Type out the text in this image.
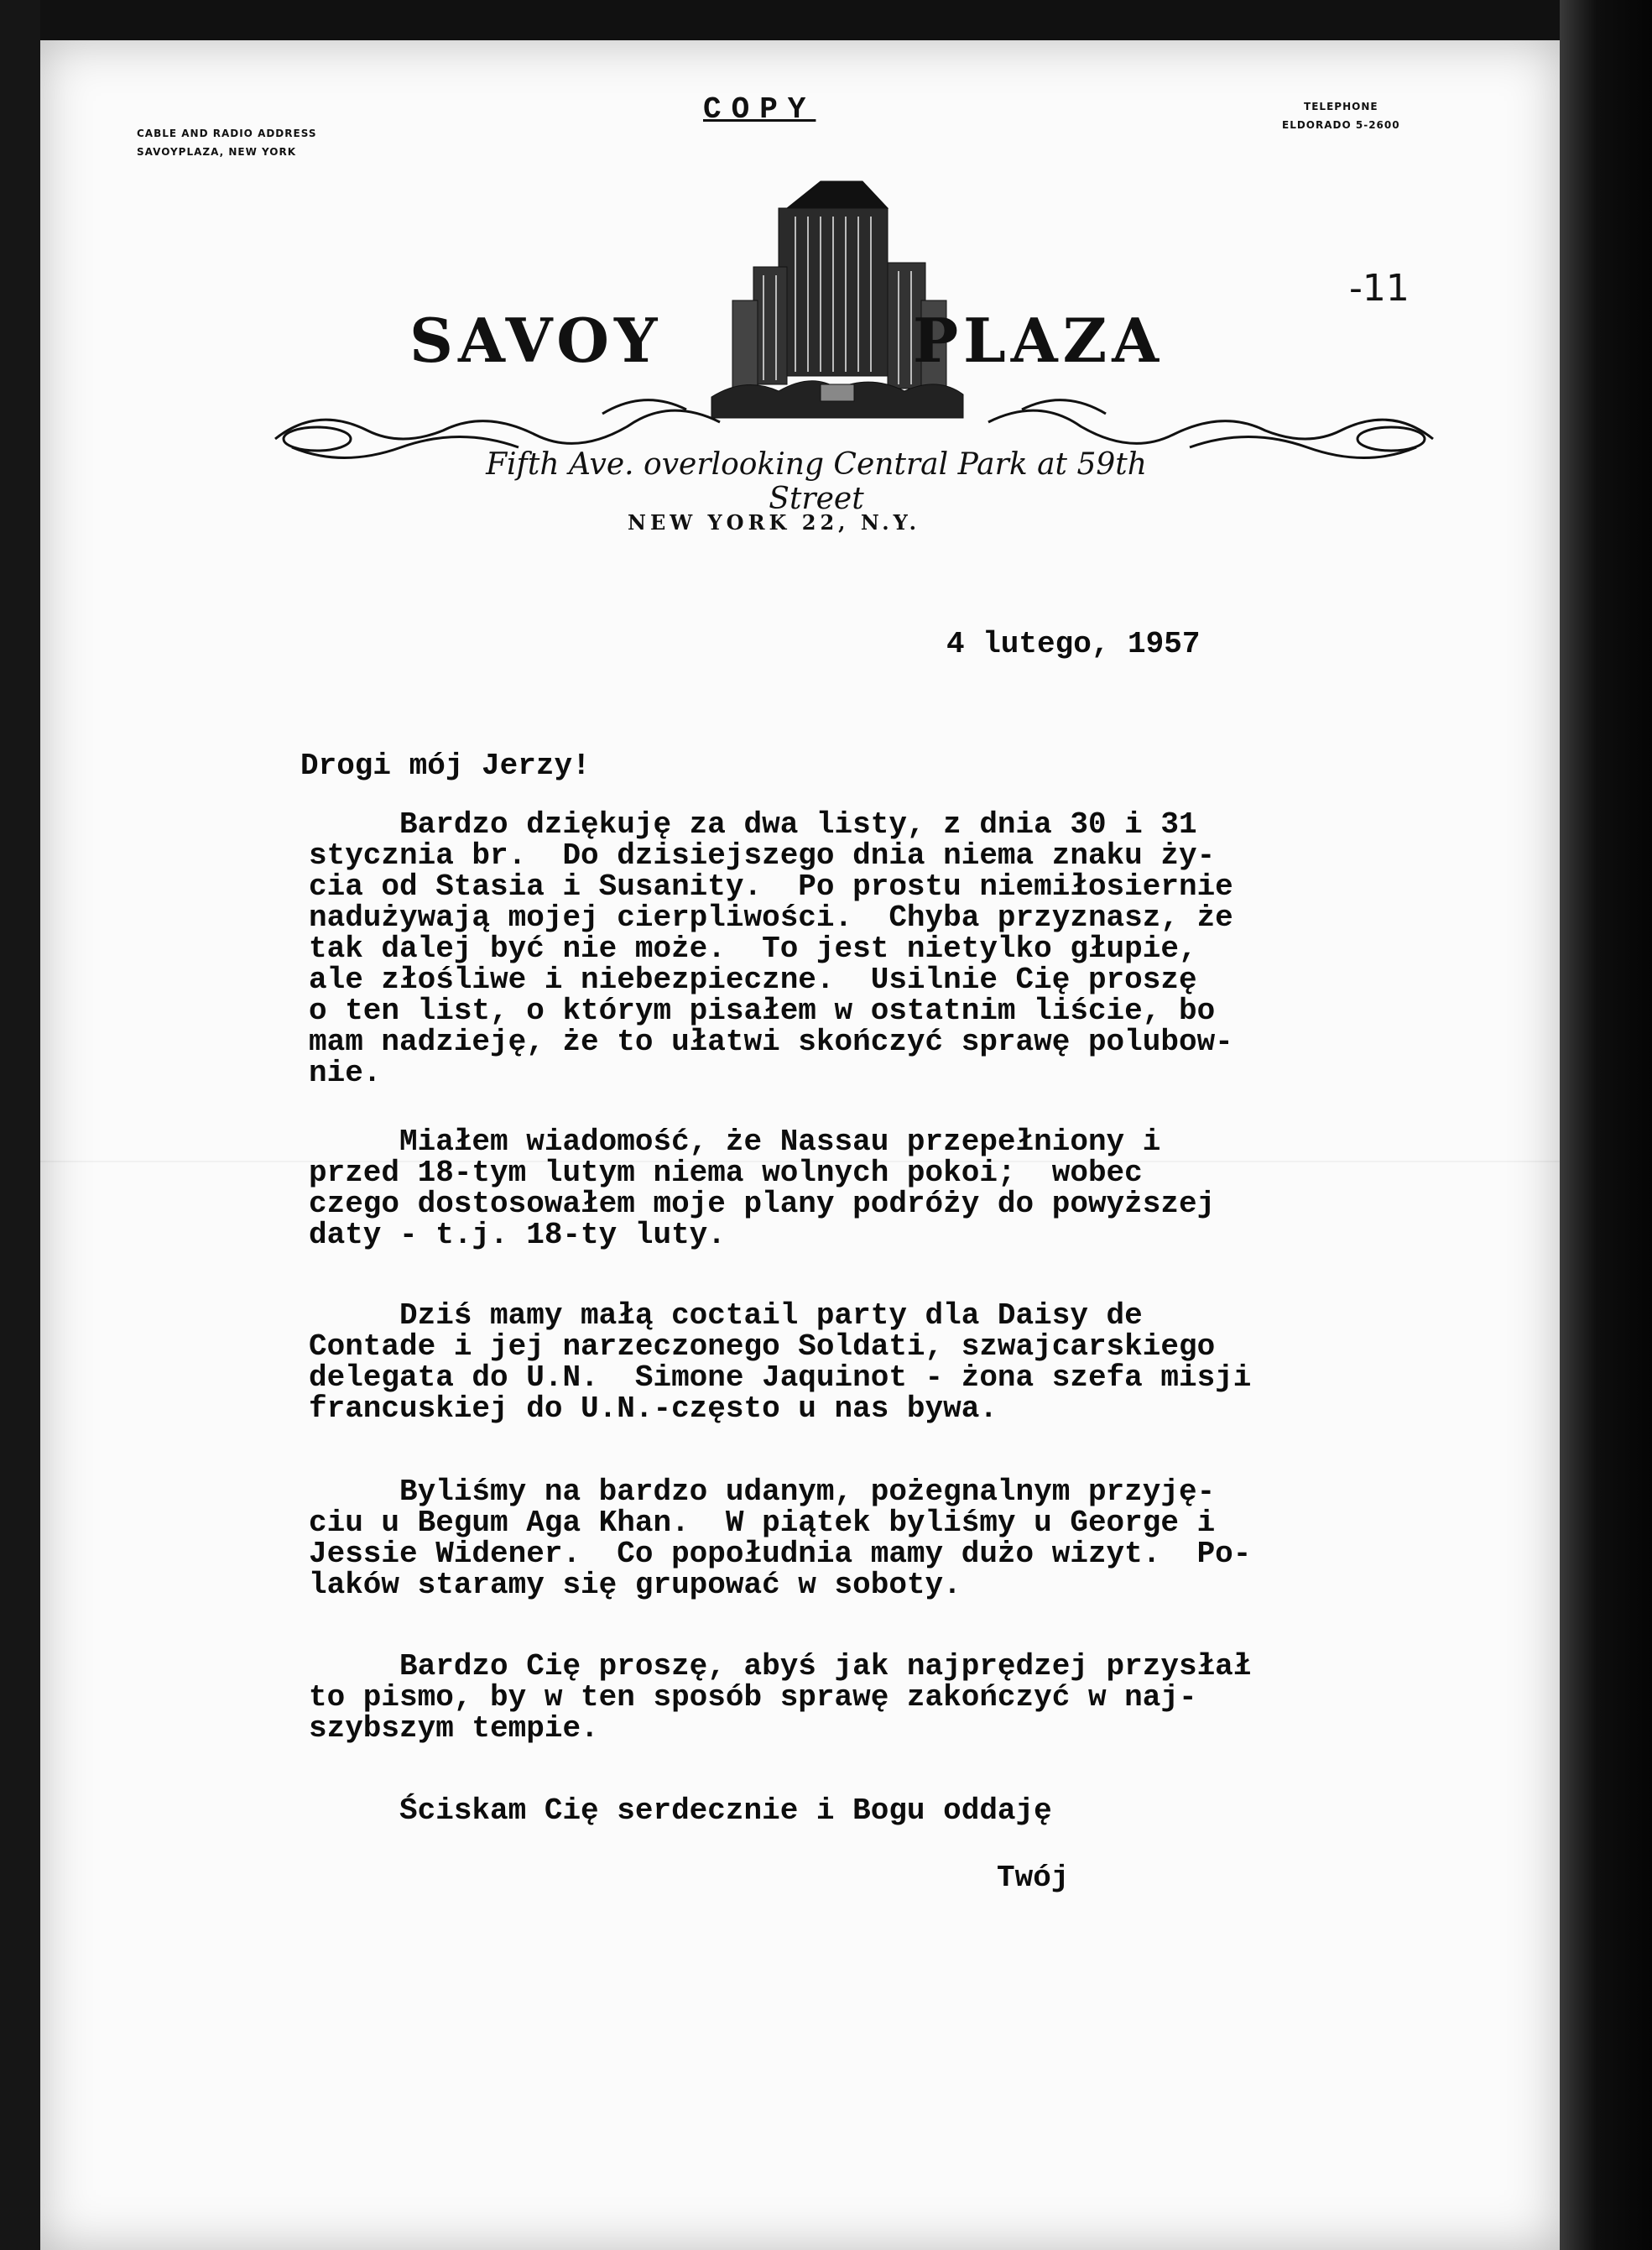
CABLE AND RADIO ADDRESS
SAVOYPLAZA, NEW YORK
TELEPHONE
ELDORADO 5-2600
COPY
SAVOY	PLAZA
Fifth Ave. overlooking Central Park at 59th Street
NEW YORK 22, N.Y.
-11
4 lutego, 1957
Drogi mój Jerzy!
Bardzo dziękuję za dwa listy, z dnia 30 i 31
stycznia br.  Do dzisiejszego dnia niema znaku ży-
cia od Stasia i Susanity.  Po prostu niemiłosiernie
nadużywają mojej cierpliwości.  Chyba przyznasz, że
tak dalej być nie może.  To jest nietylko głupie,
ale złośliwe i niebezpieczne.  Usilnie Cię proszę
o ten list, o którym pisałem w ostatnim liście, bo
mam nadzieję, że to ułatwi skończyć sprawę polubow-
nie.
Miałem wiadomość, że Nassau przepełniony i
przed 18-tym lutym niema wolnych pokoi;  wobec
czego dostosowałem moje plany podróży do powyższej
daty - t.j. 18-ty luty.
Dziś mamy małą coctail party dla Daisy de
Contade i jej narzeczonego Soldati, szwajcarskiego
delegata do U.N.  Simone Jaquinot - żona szefa misji
francuskiej do U.N.-często u nas bywa.
Byliśmy na bardzo udanym, pożegnalnym przyję-
ciu u Begum Aga Khan.  W piątek byliśmy u George i
Jessie Widener.  Co popołudnia mamy dużo wizyt.  Po-
laków staramy się grupować w soboty.
Bardzo Cię proszę, abyś jak najprędzej przysłał
to pismo, by w ten sposób sprawę zakończyć w naj-
szybszym tempie.
Ściskam Cię serdecznie i Bogu oddaję
Twój
